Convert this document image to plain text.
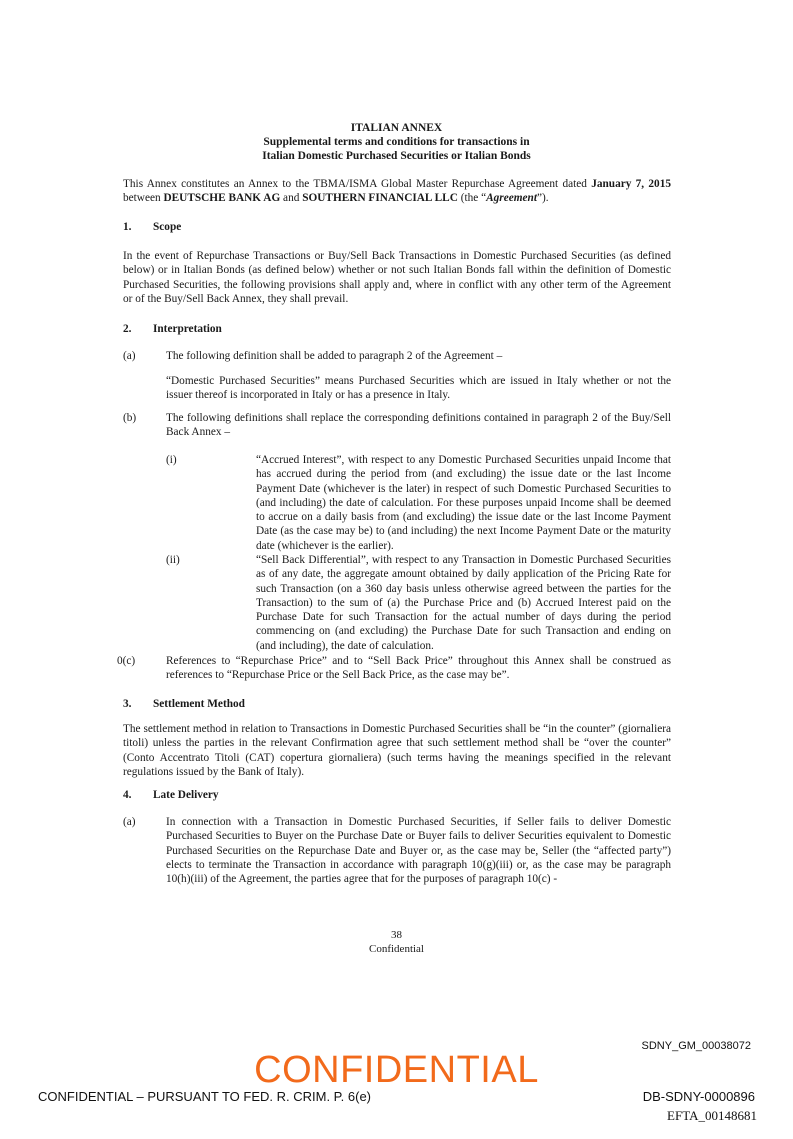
ITALIAN ANNEX
Supplemental terms and conditions for transactions in
Italian Domestic Purchased Securities or Italian Bonds
This Annex constitutes an Annex to the TBMA/ISMA Global Master Repurchase Agreement dated January 7, 2015 between DEUTSCHE BANK AG and SOUTHERN FINANCIAL LLC (the “Agreement”).
1. Scope
In the event of Repurchase Transactions or Buy/Sell Back Transactions in Domestic Purchased Securities (as defined below) or in Italian Bonds (as defined below) whether or not such Italian Bonds fall within the definition of Domestic Purchased Securities, the following provisions shall apply and, where in conflict with any other term of the Agreement or of the Buy/Sell Back Annex, they shall prevail.
2. Interpretation
(a)	The following definition shall be added to paragraph 2 of the Agreement –
“Domestic Purchased Securities” means Purchased Securities which are issued in Italy whether or not the issuer thereof is incorporated in Italy or has a presence in Italy.
(b)	The following definitions shall replace the corresponding definitions contained in paragraph 2 of the Buy/Sell Back Annex –
(i)	“Accrued Interest”, with respect to any Domestic Purchased Securities unpaid Income that has accrued during the period from (and excluding) the issue date or the last Income Payment Date (whichever is the later) in respect of such Domestic Purchased Securities to (and including) the date of calculation. For these purposes unpaid Income shall be deemed to accrue on a daily basis from (and excluding) the issue date or the last Income Payment Date (as the case may be) to (and including) the next Income Payment Date or the maturity date (whichever is the earlier).
(ii)	“Sell Back Differential”, with respect to any Transaction in Domestic Purchased Securities as of any date, the aggregate amount obtained by daily application of the Pricing Rate for such Transaction (on a 360 day basis unless otherwise agreed between the parties for the Transaction) to the sum of (a) the Purchase Price and (b) Accrued Interest paid on the Purchase Date for such Transaction for the actual number of days during the period commencing on (and excluding) the Purchase Date for such Transaction and ending on (and including), the date of calculation.
0(c)	References to “Repurchase Price” and to “Sell Back Price” throughout this Annex shall be construed as references to “Repurchase Price or the Sell Back Price, as the case may be”.
3. Settlement Method
The settlement method in relation to Transactions in Domestic Purchased Securities shall be “in the counter” (giornaliera titoli) unless the parties in the relevant Confirmation agree that such settlement method shall be “over the counter” (Conto Accentrato Titoli (CAT) copertura giornaliera) (such terms having the meanings specified in the relevant regulations issued by the Bank of Italy).
4. Late Delivery
(a)	In connection with a Transaction in Domestic Purchased Securities, if Seller fails to deliver Domestic Purchased Securities to Buyer on the Purchase Date or Buyer fails to deliver Securities equivalent to Domestic Purchased Securities on the Repurchase Date and Buyer or, as the case may be, Seller (the “affected party”) elects to terminate the Transaction in accordance with paragraph 10(g)(iii) or, as the case may be paragraph 10(h)(iii) of the Agreement, the parties agree that for the purposes of paragraph 10(c) -
38
Confidential
SDNY_GM_00038072
CONFIDENTIAL
CONFIDENTIAL – PURSUANT TO FED. R. CRIM. P. 6(e)	DB-SDNY-0000896
EFTA_00148681
